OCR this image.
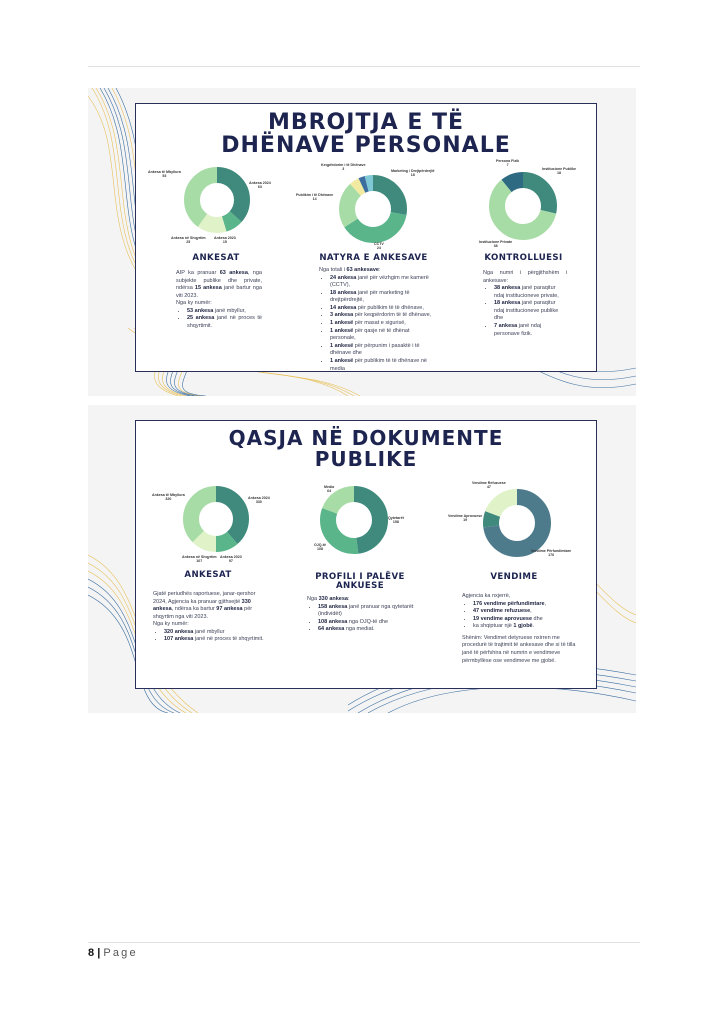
MBROJTJA E TË
DHËNAVE PERSONALE
Ankesa të Mbyllura
53
Ankesa 2024
63
Ankesa në Shqyrtim
25
Ankesa 2023
15
ANKESAT

AIP ka pranuar 63 ankesa, nga subjekte publike dhe private, ndërsa 15 ankesa janë bartur nga viti 2023.

Nga ky numër:

• 53 ankesa janë mbyllur,
• 25 ankesa janë në proces të shqyrtimit.
Keqpërdorim i të Dhënave
3	Marketing / Drejtpërdrejtë
18
Publikim i të Dhënave
14
CCTV
24
NATYRA E ANKESAVE

Nga totali i 63 ankesave:

• 24 ankesa janë për vëzhgim me kamerë (CCTV),
• 18 ankesa janë për marketing të drejtpërdrejtë,
• 14 ankesa për publikim të të dhënave,
• 3 ankesa për keqpërdorim të të dhënave,
• 1 ankesë për masat e sigurisë,
• 1 ankesë për qasje në të dhënat personale,
• 1 ankesë për përpunim i pasaktë i të dhënave dhe
• 1 ankesë për publikim të të dhënave në media
Persona Fizik
7
Institucione Publike
18
Institucione Private
38
KONTROLLUESI

Nga numri i përgjithshëm i ankesave:

• 38 ankesa janë paraqitur ndaj institucioneve private,
• 18 ankesa janë paraqitur ndaj institucioneve publike dhe
• 7 ankesa janë ndaj personave fizik.
QASJA NË DOKUMENTE
PUBLIKE
Ankesa të Mbyllura
320	Ankesa 2024
330
Ankesa në Shqyrtim
107
Ankesa 2023
97
ANKESAT

Gjatë periudhës raportuese, janar-qershor 2024, Agjencia ka pranuar gjithsejtë 330 ankesa, ndërsa ka bartur 97 ankesa për shqyrtim nga viti 2023.

Nga ky numër:

• 320 ankesa janë mbyllur
• 107 ankesa janë në proces të shqyrtimit.
Media
64
Qytetarët
158
OJQ-të
108
PROFILI I PALËVE
ANKUESE

Nga 330 ankesa:

• 158 ankesa janë pranuar nga qytetarët (individët)
• 108 ankesa nga OJQ-të dhe
• 64 ankesa nga mediat.
Vendime Refuzuese
47
Vendime Aprovuese
19
Vendime Përfundimtare
176
VENDIME

Agjencia ka nxjerrë,

• 176 vendime përfundimtare,
• 47 vendime refuzuese,
• 19 vendime aprovuese dhe
• ka shqiptuar një 1 gjobë.

Shënim: Vendimet detyruese nxirren me procedurë të trajtimit të ankesave dhe si të tilla janë të përfshira në numrin e vendimeve përmbyllëse ose vendimeve me gjobë.

8 | Page
